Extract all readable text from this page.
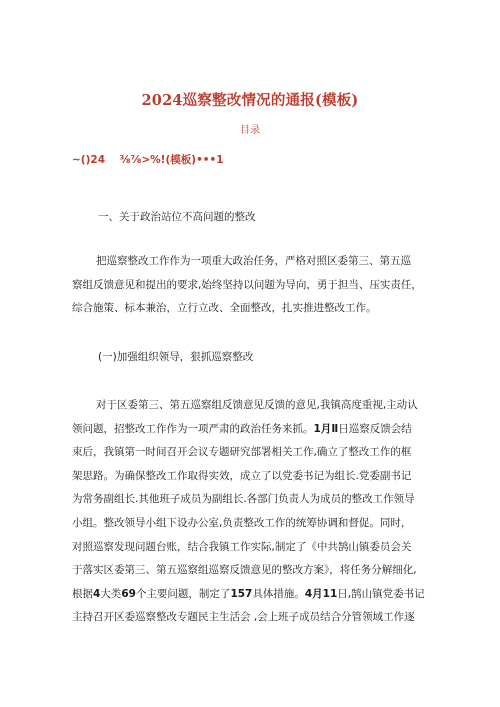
2024巡察整改情况的通报(模板)
目录
~()24    ⅜⅞>%!(模板)•••1
一、关于政治站位不高问题的整改
把巡察整改工作作为一项重大政治任务，严格对照区委第三、第五巡
察组反馈意见和提出的要求,始终坚持以问题为导向，勇于担当、压实责任，
综合施策、标本兼治，立行立改、全面整改，扎实推进整改工作。
(一)加强组织领导，狠抓巡察整改
对于区委第三、第五巡察组反馈意见反馈的意见,我镇高度重视,主动认
领问题，招整改工作作为一项严肃的政治任务来抓。1月Ⅱ日巡察反馈会结
束后，我镇第一时间召开会议专题研究部署相关工作,确立了整改工作的框
架思路。为确保整改工作取得实效，成立了以党委书记为组长.党委副书记
为常务副组长.其他班子成员为副组长.各部门负责人为成员的整改工作领导
小组。整改领导小组下设办公室,负责整改工作的统筹协调和督促。同时，
对照巡察发现问题台账，结合我镇工作实际,制定了《中共鹄山镇委员会关
于落实区委第三、第五巡察组巡察反馈意见的整改方案》，将任务分解细化,
根据4大类69个主要问题，制定了157具体措施。4月11日,鹄山镇党委书记
主持召开区委巡察整改专题民主生活会 ,会上班子成员结合分管领域工作逐
